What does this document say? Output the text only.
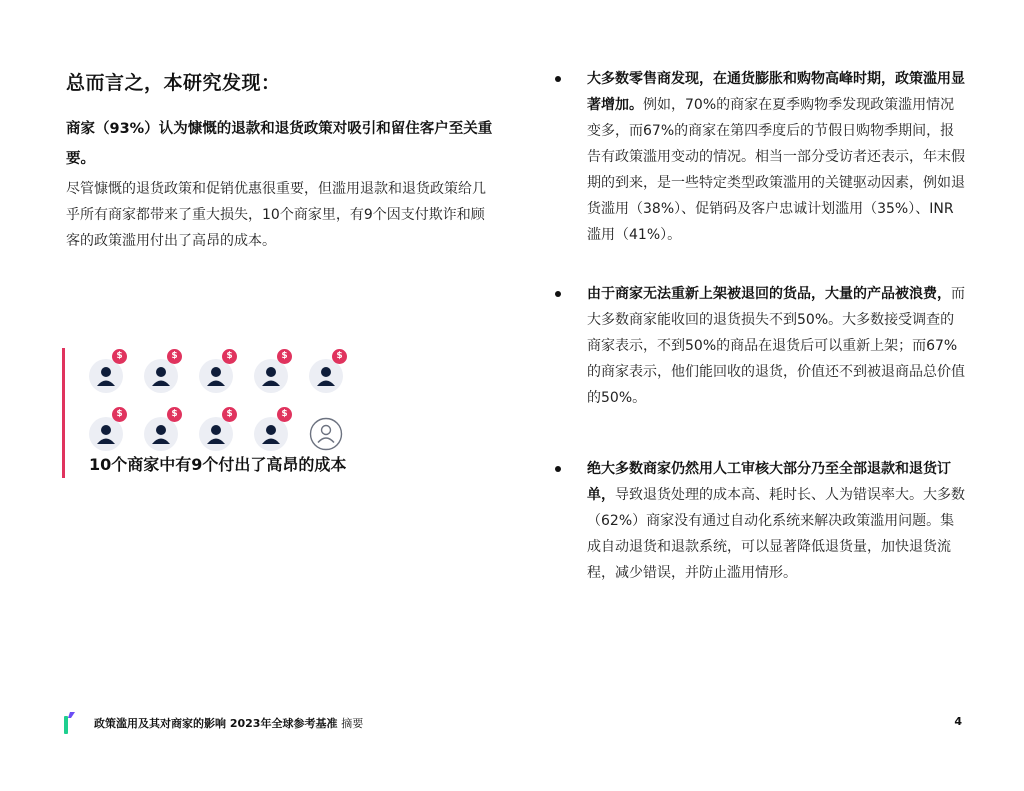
总而言之，本研究发现：
商家（93%）认为慷慨的退款和退货政策对吸引和留住客户至关重要。
尽管慷慨的退货政策和促销优惠很重要，但滥用退款和退货政策给几乎所有商家都带来了重大损失，10个商家里，有9个因支付欺诈和顾客的政策滥用付出了高昂的成本。
$	$	$	$	$
$	$	$	$
10个商家中有9个付出了高昂的成本
大多数零售商发现，在通货膨胀和购物高峰时期，政策滥用显著增加。例如，70%的商家在夏季购物季发现政策滥用情况变多，而67%的商家在第四季度后的节假日购物季期间，报告有政策滥用变动的情况。相当一部分受访者还表示，年末假期的到来，是一些特定类型政策滥用的关键驱动因素，例如退货滥用（38%）、促销码及客户忠诚计划滥用（35%）、INR滥用（41%）。
由于商家无法重新上架被退回的货品，大量的产品被浪费，而大多数商家能收回的退货损失不到50%。大多数接受调查的商家表示，不到50%的商品在退货后可以重新上架；而67%的商家表示，他们能回收的退货，价值还不到被退商品总价值的50%。
绝大多数商家仍然用人工审核大部分乃至全部退款和退货订单，导致退货处理的成本高、耗时长、人为错误率大。大多数（62%）商家没有通过自动化系统来解决政策滥用问题。集成自动退货和退款系统，可以显著降低退货量，加快退货流程，减少错误，并防止滥用情形。
政策滥用及其对商家的影响 2023年全球参考基准 摘要	4
